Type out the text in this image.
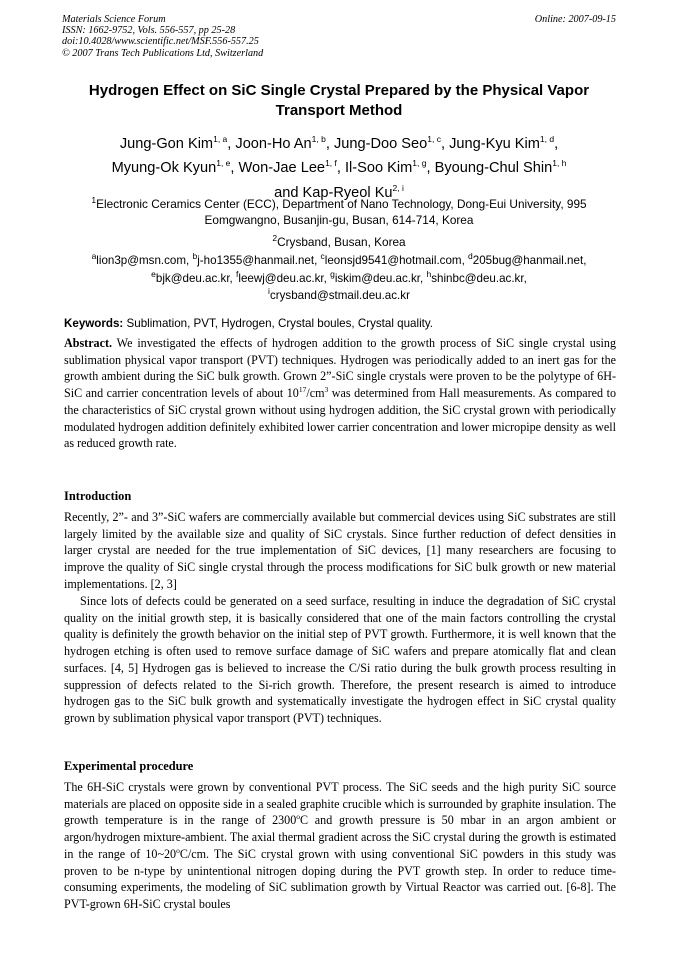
Materials Science Forum
ISSN: 1662-9752, Vols. 556-557, pp 25-28
doi:10.4028/www.scientific.net/MSF.556-557.25
© 2007 Trans Tech Publications Ltd, Switzerland
Online: 2007-09-15
Hydrogen Effect on SiC Single Crystal Prepared by the Physical Vapor Transport Method
Jung-Gon Kim$^{1, a}$, Joon-Ho An$^{1, b}$, Jung-Doo Seo$^{1, c}$, Jung-Kyu Kim$^{1, d}$,
Myung-Ok Kyun$^{1, e}$, Won-Jae Lee$^{1, f}$, Il-Soo Kim$^{1, g}$, Byoung-Chul Shin$^{1, h}$
and Kap-Ryeol Ku$^{2, i}$
$^1$Electronic Ceramics Center (ECC), Department of Nano Technology, Dong-Eui University, 995 Eomgwangno, Busanjin-gu, Busan, 614-714, Korea
$^2$Crysband, Busan, Korea
$^a$lion3p@msn.com, $^b$j-ho1355@hanmail.net, $^c$leonsjd9541@hotmail.com, $^d$205bug@hanmail.net,
$^e$bjk@deu.ac.kr, $^f$leewj@deu.ac.kr, $^g$iskim@deu.ac.kr, $^h$shinbc@deu.ac.kr,
$^i$crysband@stmail.deu.ac.kr
Keywords: Sublimation, PVT, Hydrogen, Crystal boules, Crystal quality.
Abstract. We investigated the effects of hydrogen addition to the growth process of SiC single crystal using sublimation physical vapor transport (PVT) techniques. Hydrogen was periodically added to an inert gas for the growth ambient during the SiC bulk growth. Grown 2”-SiC single crystals were proven to be the polytype of 6H-SiC and carrier concentration levels of about $10^{17}/cm^3$ was determined from Hall measurements. As compared to the characteristics of SiC crystal grown without using hydrogen addition, the SiC crystal grown with periodically modulated hydrogen addition definitely exhibited lower carrier concentration and lower micropipe density as well as reduced growth rate.
Introduction
Recently, 2”- and 3”-SiC wafers are commercially available but commercial devices using SiC substrates are still largely limited by the available size and quality of SiC crystals. Since further reduction of defect densities in larger crystal are needed for the true implementation of SiC devices, [1] many researchers are focusing to improve the quality of SiC single crystal through the process modifications for SiC bulk growth or new material implementations. [2, 3]
Since lots of defects could be generated on a seed surface, resulting in induce the degradation of SiC crystal quality on the initial growth step, it is basically considered that one of the main factors controlling the crystal quality is definitely the growth behavior on the initial step of PVT growth. Furthermore, it is well known that the hydrogen etching is often used to remove surface damage of SiC wafers and prepare atomically flat and clean surfaces. [4, 5] Hydrogen gas is believed to increase the C/Si ratio during the bulk growth process resulting in suppression of defects related to the Si-rich growth. Therefore, the present research is aimed to introduce hydrogen gas to the SiC bulk growth and systematically investigate the hydrogen effect in SiC crystal quality grown by sublimation physical vapor transport (PVT) techniques.
Experimental procedure
The 6H-SiC crystals were grown by conventional PVT process. The SiC seeds and the high purity SiC source materials are placed on opposite side in a sealed graphite crucible which is surrounded by graphite insulation. The growth temperature is in the range of 2300$^o$C and growth pressure is 50 mbar in an argon ambient or argon/hydrogen mixture-ambient. The axial thermal gradient across the SiC crystal during the growth is estimated in the range of 10~20$^o$C/cm. The SiC crystal grown with using conventional SiC powders in this study was proven to be n-type by unintentional nitrogen doping during the PVT growth step. In order to reduce time-consuming experiments, the modeling of SiC sublimation growth by Virtual Reactor was carried out. [6-8]. The PVT-grown 6H-SiC crystal boules
